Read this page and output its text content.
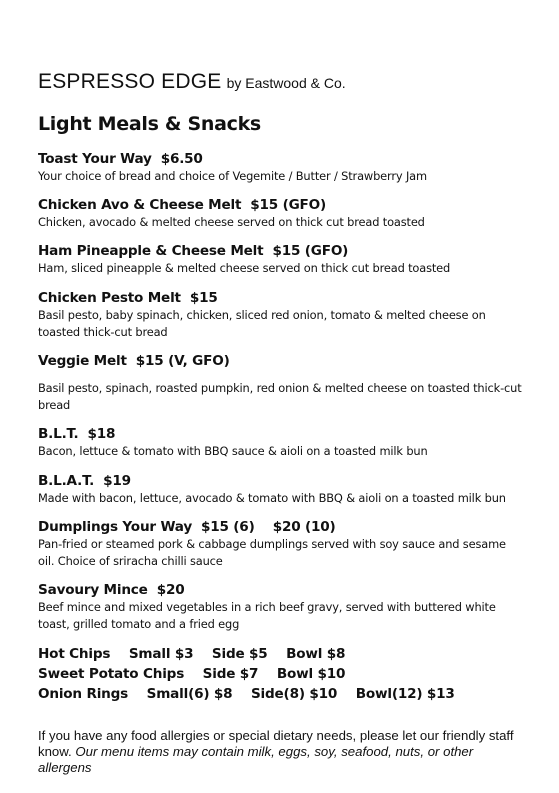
ESPRESSO EDGE by Eastwood & Co.
Light Meals & Snacks
Toast Your Way $6.50
Your choice of bread and choice of Vegemite / Butter / Strawberry Jam
Chicken Avo & Cheese Melt $15 (GFO)
Chicken, avocado & melted cheese served on thick cut bread toasted
Ham Pineapple & Cheese Melt $15 (GFO)
Ham, sliced pineapple & melted cheese served on thick cut bread toasted
Chicken Pesto Melt $15
Basil pesto, baby spinach, chicken, sliced red onion, tomato & melted cheese on toasted thick-cut bread
Veggie Melt $15 (V, GFO)
Basil pesto, spinach, roasted pumpkin, red onion & melted cheese on toasted thick-cut bread
B.L.T. $18
Bacon, lettuce & tomato with BBQ sauce & aioli on a toasted milk bun
B.L.A.T. $19
Made with bacon, lettuce, avocado & tomato with BBQ & aioli on a toasted milk bun
Dumplings Your Way $15 (6)    $20 (10)
Pan-fried or steamed pork & cabbage dumplings served with soy sauce and sesame oil. Choice of sriracha chilli sauce
Savoury Mince $20
Beef mince and mixed vegetables in a rich beef gravy, served with buttered white toast, grilled tomato and a fried egg
Hot Chips Small $3 Side $5 Bowl $8
Sweet Potato Chips Side $7 Bowl $10
Onion Rings Small(6) $8 Side(8) $10 Bowl(12) $13
If you have any food allergies or special dietary needs, please let our friendly staff know. Our menu items may contain milk, eggs, soy, seafood, nuts, or other allergens
